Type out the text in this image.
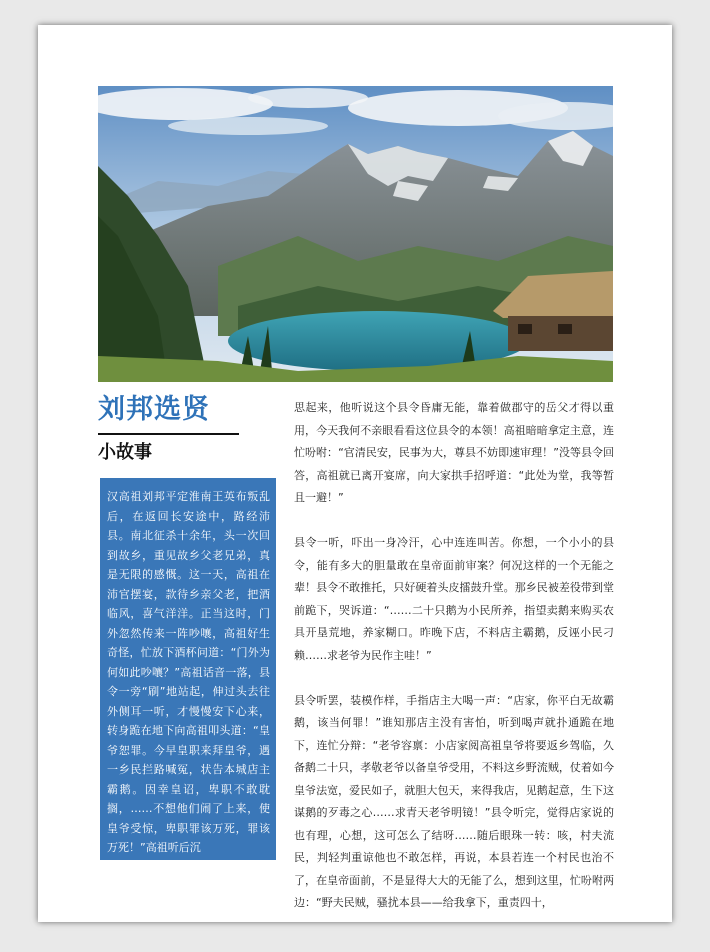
刘邦选贤
小故事
汉高祖刘邦平定淮南王英布叛乱后，在返回长安途中，路经沛县。南北征杀十余年，头一次回到故乡，重见故乡父老兄弟，真是无限的感慨。这一天，高祖在沛官摆宴，款待乡亲父老，把酒临风，喜气洋洋。正当这时，门外忽然传来一阵吵嚷，高祖好生奇怪，忙放下酒杯问道：“门外为何如此吵嚷？”高祖话音一落，县令一旁“刷”地站起，伸过头去往外侧耳一听，才慢慢安下心来，转身跪在地下向高祖叩头道：“皇爷恕罪。今早皇职来拜皇爷，遇一乡民拦路喊冤，状告本城店主霸鹅。因幸皇诏，卑职不敢耽搁，……不想他们闹了上来，使皇爷受惊，卑职罪该万死，罪该万死！”高祖听后沉

思起来，他听说这个县令昏庸无能，靠着做郡守的岳父才得以重用，今天我何不亲眼看看这位县令的本领！高祖暗暗拿定主意，连忙吩咐：“官清民安，民事为大，尊县不妨即速审理！”没等县令回答，高祖就已离开宴席，向大家拱手招呼道：“此处为堂，我等暂且一避！”

县令一听，吓出一身冷汗，心中连连叫苦。你想，一个小小的县令，能有多大的胆量敢在皇帝面前审案？何况这样的一个无能之辈！县令不敢推托，只好硬着头皮擂鼓升堂。那乡民被差役带到堂前跪下，哭诉道：“……二十只鹅为小民所养，指望卖鹅来购买农具开垦荒地，养家糊口。昨晚下店，不料店主霸鹅，反诬小民刁赖……求老爷为民作主哇！”

县令听罢，装模作样，手指店主大喝一声：“店家，你平白无故霸鹅，该当何罪！”谁知那店主没有害怕，听到喝声就扑通跪在地下，连忙分辩：“老爷容禀：小店家阅高祖皇爷将要返乡驾临，久备鹅二十只，孝敬老爷以备皇爷受用，不料这乡野流贼，仗着如今皇爷法宽，爱民如子，就胆大包天，来得我店，见鹅起意，生下这谋鹅的歹毒之心……求青天老爷明镜！”县令听完，觉得店家说的也有理，心想，这可怎么了结呀……随后眼珠一转：咳，村夫流民，判轻判重谅他也不敢怎样，再说，本县若连一个村民也治不了，在皇帝面前，不是显得大大的无能了么，想到这里，忙吩咐两边：“野夫民贼，骚扰本县——给我拿下，重责四十，
